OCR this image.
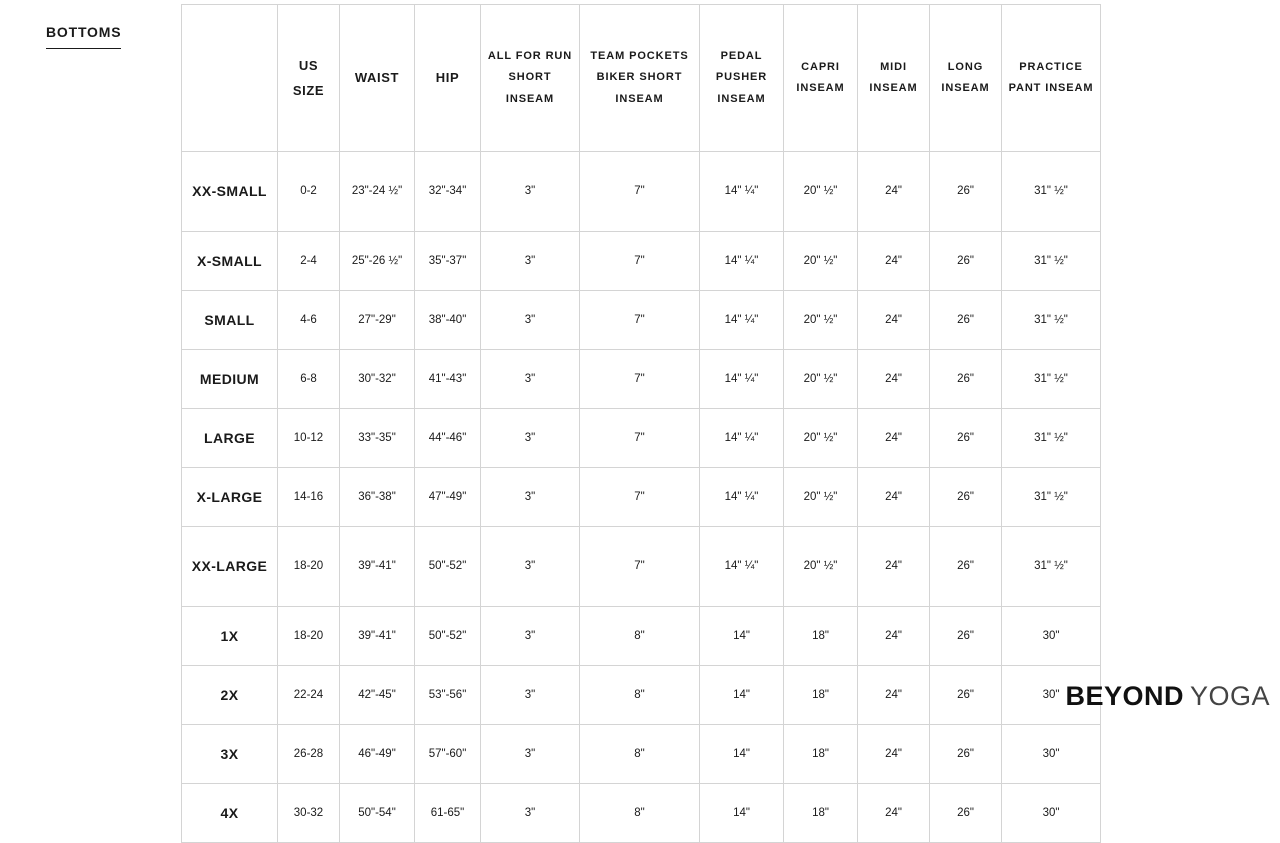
BOTTOMS
	US SIZE	WAIST	HIP	ALL FOR RUN SHORT INSEAM	TEAM POCKETS BIKER SHORT INSEAM	PEDAL PUSHER INSEAM	CAPRI INSEAM	MIDI INSEAM	LONG INSEAM	PRACTICE PANT INSEAM
XX-SMALL	0-2	23"-24 ½"	32"-34"	3"	7"	14" ¼"	20" ½"	24"	26"	31" ½"
X-SMALL	2-4	25"-26 ½"	35"-37"	3"	7"	14" ¼"	20" ½"	24"	26"	31" ½"
SMALL	4-6	27"-29"	38"-40"	3"	7"	14" ¼"	20" ½"	24"	26"	31" ½"
MEDIUM	6-8	30"-32"	41"-43"	3"	7"	14" ¼"	20" ½"	24"	26"	31" ½"
LARGE	10-12	33"-35"	44"-46"	3"	7"	14" ¼"	20" ½"	24"	26"	31" ½"
X-LARGE	14-16	36"-38"	47"-49"	3"	7"	14" ¼"	20" ½"	24"	26"	31" ½"
XX-LARGE	18-20	39"-41"	50"-52"	3"	7"	14" ¼"	20" ½"	24"	26"	31" ½"
1X	18-20	39"-41"	50"-52"	3"	8"	14"	18"	24"	26"	30"
2X	22-24	42"-45"	53"-56"	3"	8"	14"	18"	24"	26"	30"
3X	26-28	46"-49"	57"-60"	3"	8"	14"	18"	24"	26"	30"
4X	30-32	50"-54"	61-65"	3"	8"	14"	18"	24"	26"	30"
BEYOND YOGA
